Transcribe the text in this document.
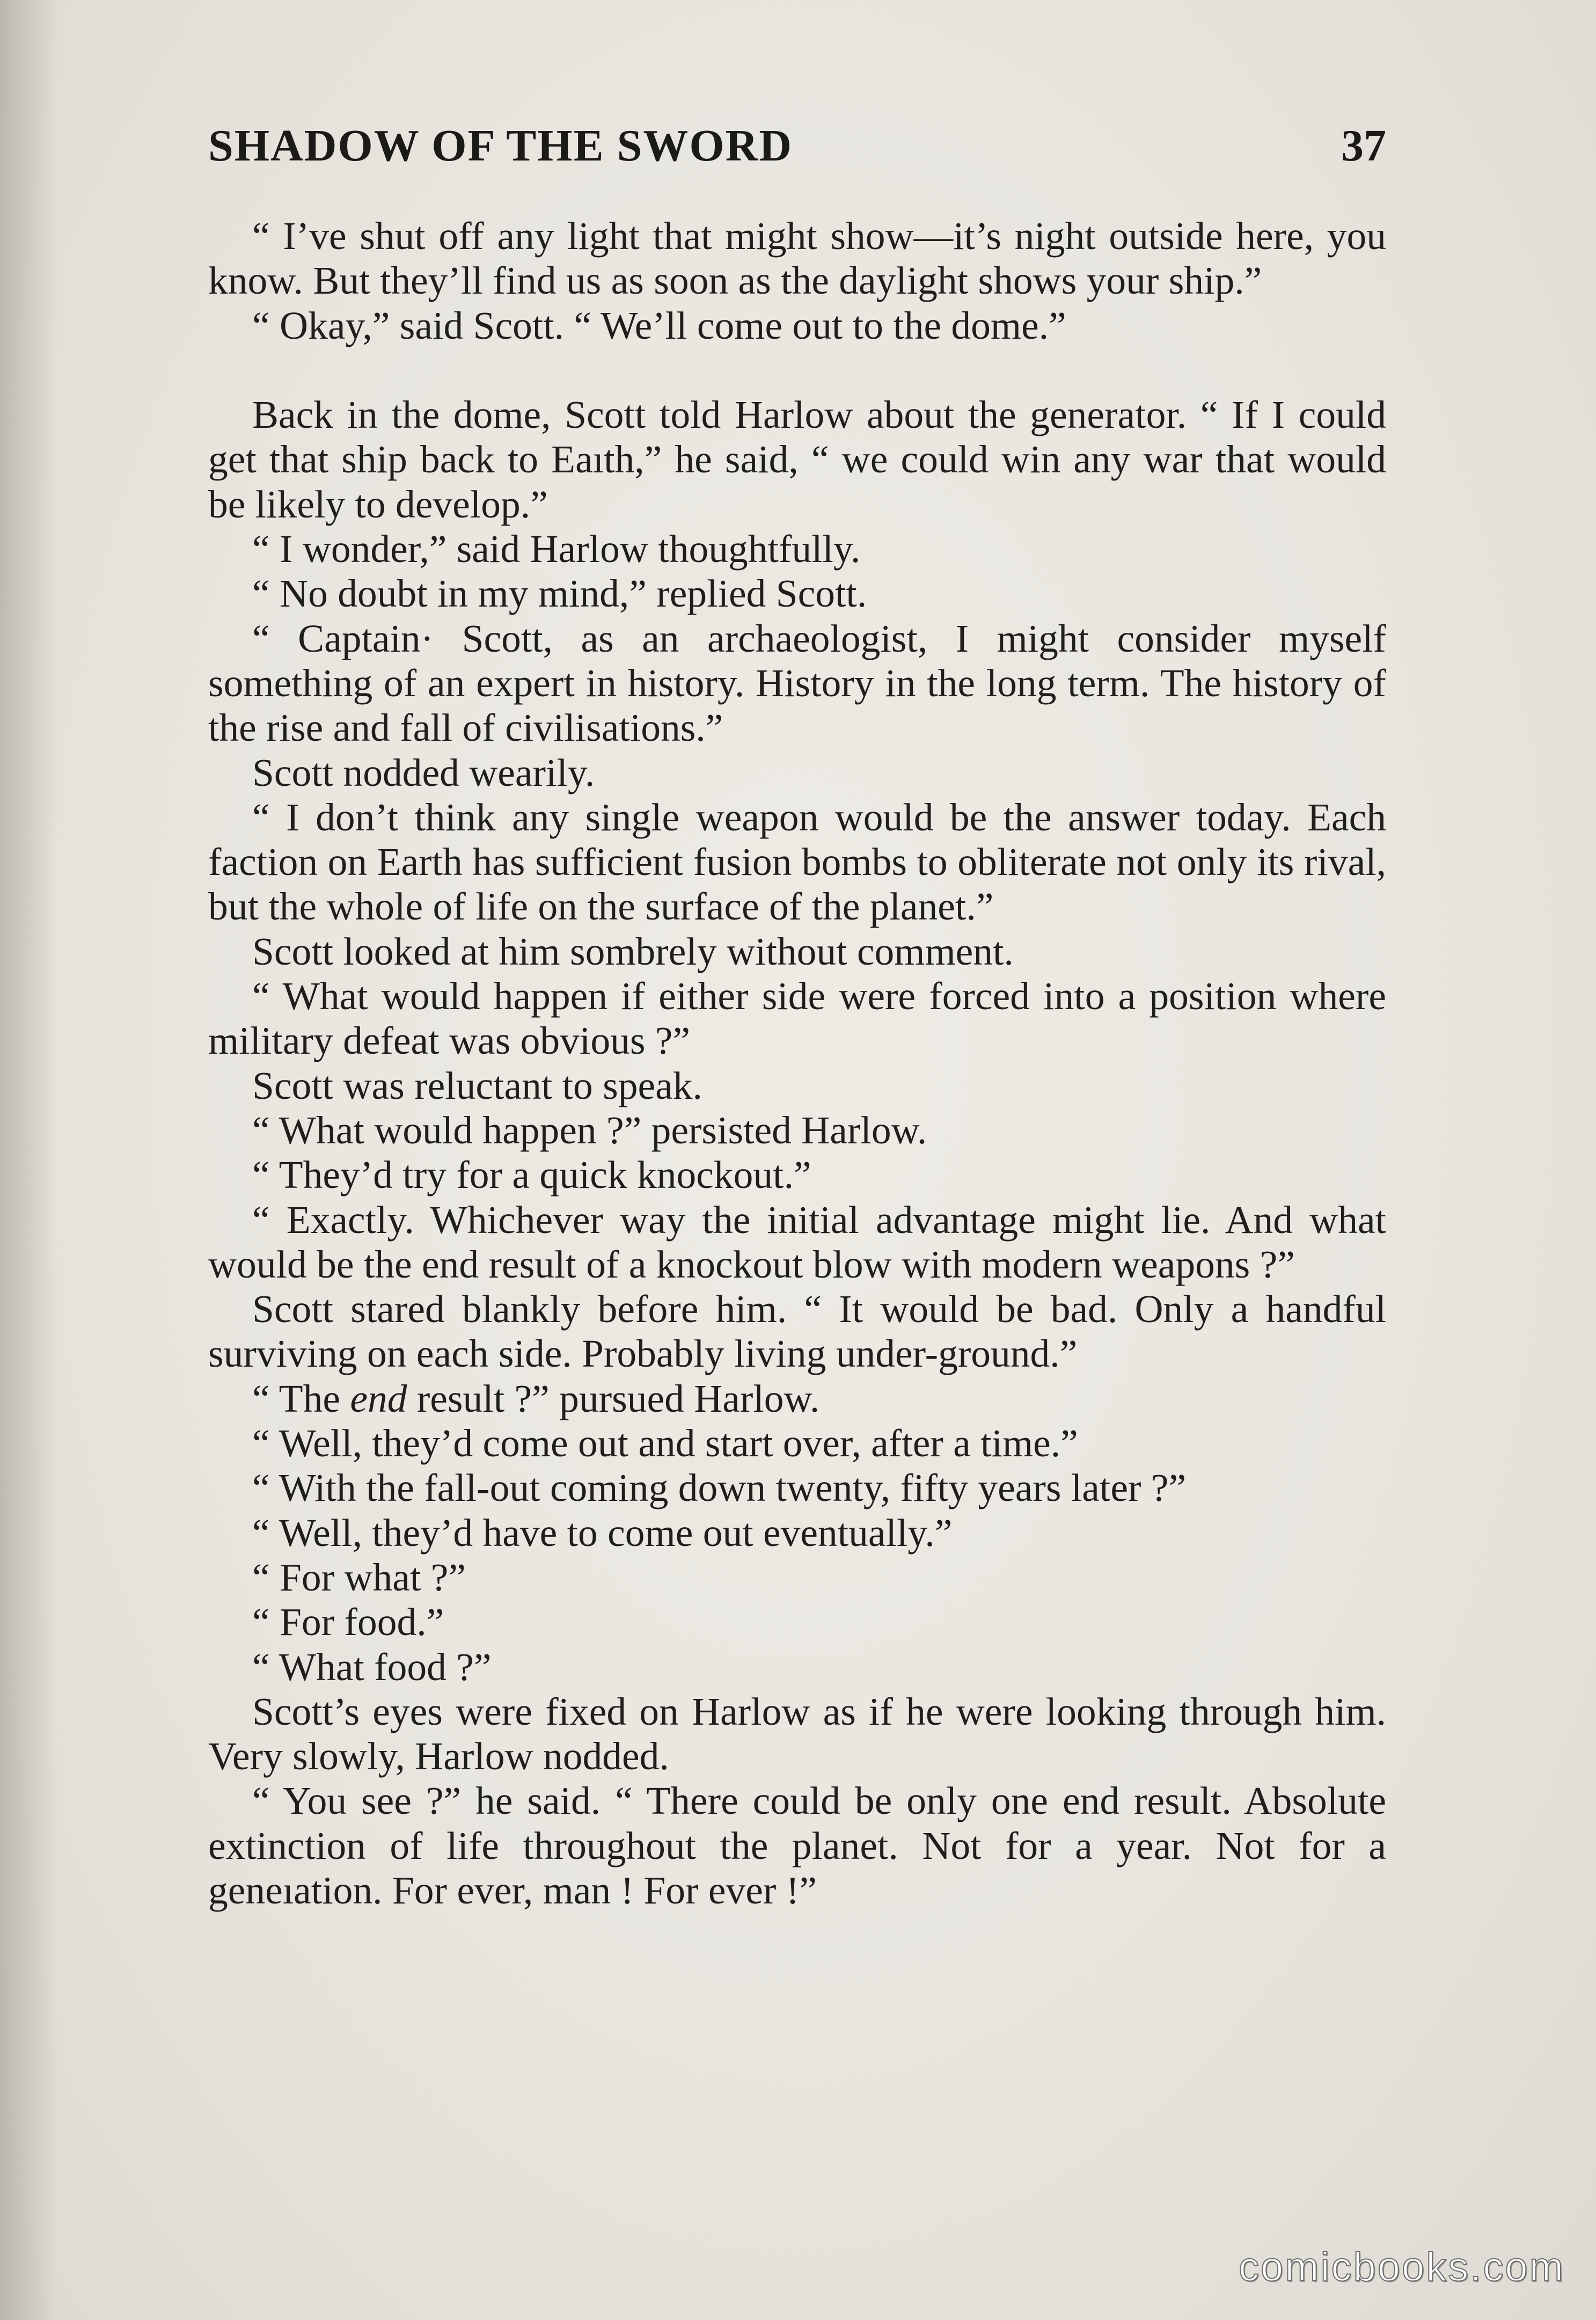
SHADOW OF THE SWORD	37

“ I’ve shut off any light that might show—it’s night outside here, you know. But they’ll find us as soon as the daylight shows your ship.”

“ Okay,” said Scott. “ We’ll come out to the dome.”

Back in the dome, Scott told Harlow about the generator. “ If I could get that ship back to Eaıth,” he said, “ we could win any war that would be likely to develop.”

“ I wonder,” said Harlow thoughtfully.

“ No doubt in my mind,” replied Scott.

“ Captain· Scott, as an archaeologist, I might consider myself something of an expert in history. History in the long term. The history of the rise and fall of civilisations.”

Scott nodded wearily.

“ I don’t think any single weapon would be the answer today. Each faction on Earth has sufficient fusion bombs to obliterate not only its rival, but the whole of life on the surface of the planet.”

Scott looked at him sombrely without comment.

“ What would happen if either side were forced into a position where military defeat was obvious ?”

Scott was reluctant to speak.

“ What would happen ?” persisted Harlow.

“ They’d try for a quick knockout.”

“ Exactly. Whichever way the initial advantage might lie. And what would be the end result of a knockout blow with modern weapons ?”

Scott stared blankly before him. “ It would be bad. Only a handful surviving on each side. Probably living under-ground.”

“ The end result ?” pursued Harlow.

“ Well, they’d come out and start over, after a time.”

“ With the fall-out coming down twenty, fifty years later ?”

“ Well, they’d have to come out eventually.”

“ For what ?”

“ For food.”

“ What food ?”

Scott’s eyes were fixed on Harlow as if he were looking through him. Very slowly, Harlow nodded.

“ You see ?” he said. “ There could be only one end result. Absolute extinction of life throughout the planet. Not for a year. Not for a geneıation. For ever, man ! For ever !”

comicbooks.com
